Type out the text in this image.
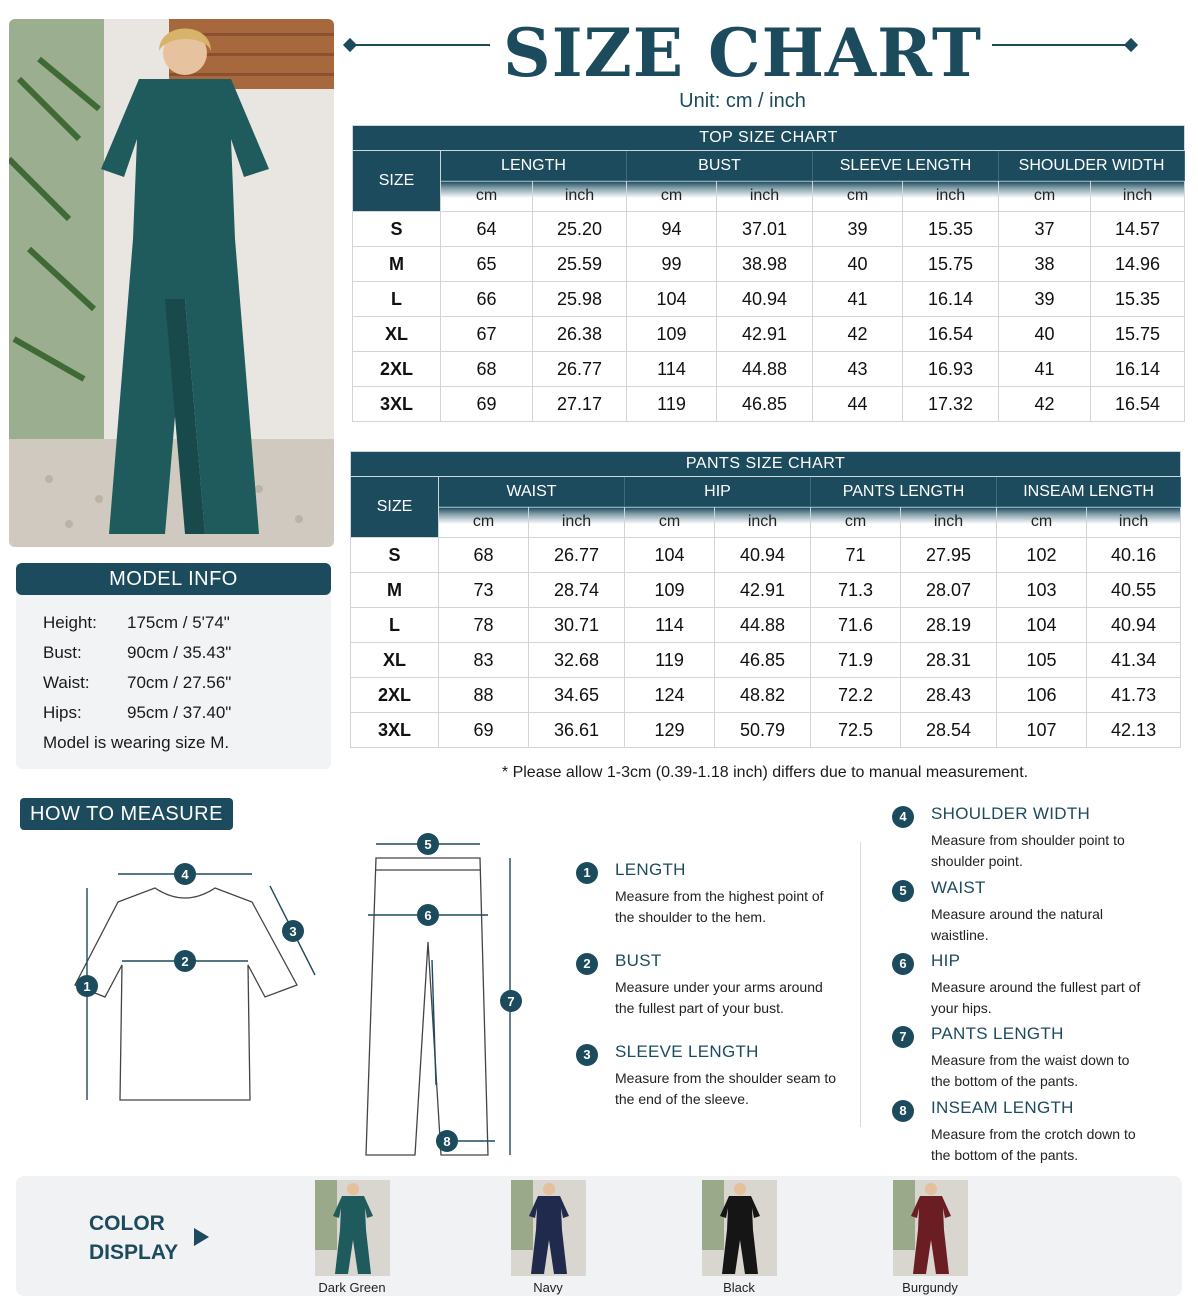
SIZE CHART
Unit: cm / inch
TOP SIZE CHART								
SIZE	LENGTH		BUST		SLEEVE LENGTH		SHOULDER WIDTH	
	cm	inch	cm	inch	cm	inch	cm	inch
S	64	25.20	94	37.01	39	15.35	37	14.57
M	65	25.59	99	38.98	40	15.75	38	14.96
L	66	25.98	104	40.94	41	16.14	39	15.35
XL	67	26.38	109	42.91	42	16.54	40	15.75
2XL	68	26.77	114	44.88	43	16.93	41	16.14
3XL	69	27.17	119	46.85	44	17.32	42	16.54
PANTS SIZE CHART								
SIZE	WAIST		HIP		PANTS LENGTH		INSEAM LENGTH	
	cm	inch	cm	inch	cm	inch	cm	inch
S	68	26.77	104	40.94	71	27.95	102	40.16
M	73	28.74	109	42.91	71.3	28.07	103	40.55
L	78	30.71	114	44.88	71.6	28.19	104	40.94
XL	83	32.68	119	46.85	71.9	28.31	105	41.34
2XL	88	34.65	124	48.82	72.2	28.43	106	41.73
3XL	69	36.61	129	50.79	72.5	28.54	107	42.13
* Please allow 1-3cm (0.39-1.18 inch) differs due to manual measurement.
MODEL INFO
Height: 175cm / 5'74"
Bust:	90cm / 35.43"
Waist: 70cm / 27.56"
Hips:	95cm / 37.40"
Model is wearing size M.
HOW TO MEASURE
4
2
1
3
5
6
7
8
1	LENGTH
Measure from the highest point of the shoulder to the hem.
2	BUST
Measure under your arms around the fullest part of your bust.
3	SLEEVE LENGTH
Measure from the shoulder seam to the end of the sleeve.
4	SHOULDER WIDTH
Measure from shoulder point to shoulder point.
5	WAIST
Measure around the natural waistline.
6	HIP
Measure around the fullest part of your hips.
7	PANTS LENGTH
Measure from the waist down to the bottom of the pants.
8	INSEAM LENGTH
Measure from the crotch down to the bottom of the pants.
COLOR
DISPLAY
Dark Green	Navy	Black	Burgundy
